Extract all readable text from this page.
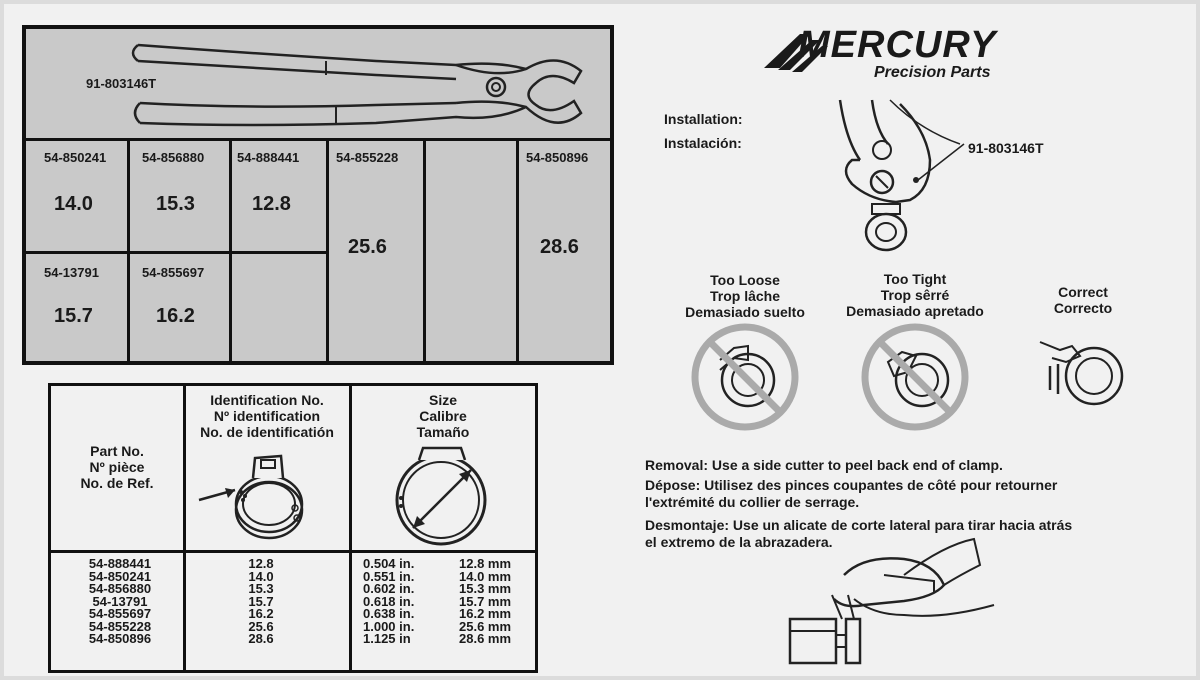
91-803146T
54-850241
14.0
54-856880
15.3
54-888441
12.8
54-855228
25.6
54-850896
28.6
54-13791
15.7
54-855697
16.2
Part No.
Nº pièce
No. de Ref.
Identification No.
Nº identification
No. de identificatión
Size
Calibre
Tamaño
54-888441
54-850241
54-856880
54-13791
54-855697
54-855228
54-850896
12.8
14.0
15.3
15.7
16.2
25.6
28.6
0.504 in.
0.551 in.
0.602 in.
0.618 in.
0.638 in.
1.000 in.
1.125 in
12.8 mm
14.0 mm
15.3 mm
15.7 mm
16.2 mm
25.6 mm
28.6 mm
MERCURY
Precision Parts
Installation:
Instalación:	91-803146T
Too Loose
Trop lâche
Demasiado suelto
Too Tight
Trop sêrré
Demasiado apretado
Correct
Correcto
Removal: Use a side cutter to peel back end of clamp.
Dépose: Utilisez des pinces coupantes de côté pour retourner
l'extrémité du collier de serrage.
Desmontaje: Use un alicate de corte lateral para tirar hacia atrás
el extremo de la abrazadera.
